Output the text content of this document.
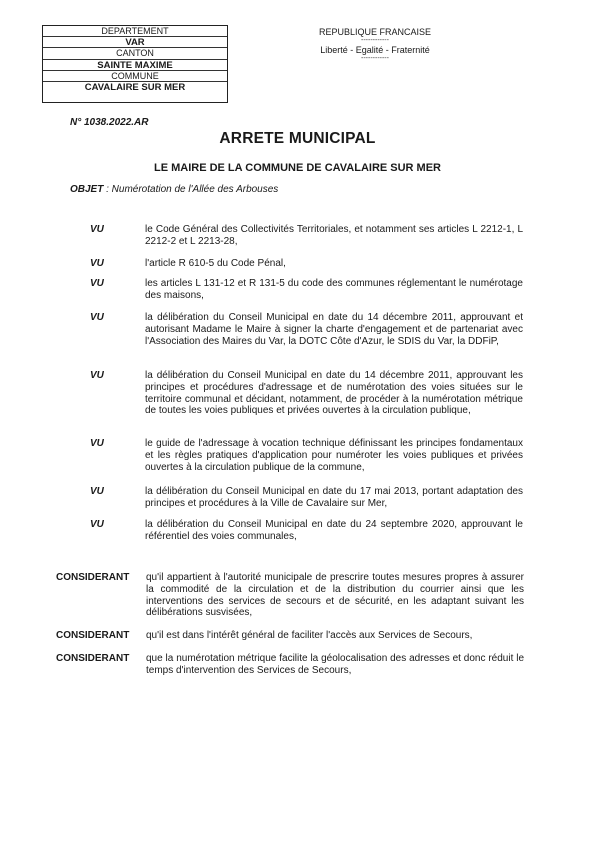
DEPARTEMENT
VAR
CANTON
SAINTE MAXIME
COMMUNE
CAVALAIRE SUR MER
REPUBLIQUE FRANCAISE
------------
Liberté - Egalité - Fraternité
------------
N° 1038.2022.AR
ARRETE MUNICIPAL
LE MAIRE DE LA COMMUNE DE CAVALAIRE SUR MER
OBJET : Numérotation de l'Allée des Arbouses
VU	le Code Général des Collectivités Territoriales, et notamment ses articles L 2212-1, L 2212-2 et L 2213-28,
VU	l'article R 610-5 du Code Pénal,
VU	les articles L 131-12 et R 131-5 du code des communes réglementant le numérotage des maisons,
VU	la délibération du Conseil Municipal en date du 14 décembre 2011, approuvant et autorisant Madame le Maire à signer la charte d'engagement et de partenariat avec l'Association des Maires du Var, la DOTC Côte d'Azur, le SDIS du Var, la DDFiP,
VU	la délibération du Conseil Municipal en date du 14 décembre 2011, approuvant les principes et procédures d'adressage et de numérotation des voies situées sur le territoire communal et décidant, notamment, de procéder à la numérotation métrique de toutes les voies publiques et privées ouvertes à la circulation publique,
VU	le guide de l'adressage à vocation technique définissant les principes fondamentaux et les règles pratiques d'application pour numéroter les voies publiques et privées ouvertes à la circulation publique de la commune,
VU	la délibération du Conseil Municipal en date du 17 mai 2013, portant adaptation des principes et procédures à la Ville de Cavalaire sur Mer,
VU	la délibération du Conseil Municipal en date du 24 septembre 2020, approuvant le référentiel des voies communales,
CONSIDERANT qu'il appartient à l'autorité municipale de prescrire toutes mesures propres à assurer la commodité de la circulation et de la distribution du courrier ainsi que les interventions des services de secours et de sécurité, en les adaptant suivant les délibérations susvisées,
CONSIDERANT qu'il est dans l'intérêt général de faciliter l'accès aux Services de Secours,
CONSIDERANT que la numérotation métrique facilite la géolocalisation des adresses et donc réduit le temps d'intervention des Services de Secours,
